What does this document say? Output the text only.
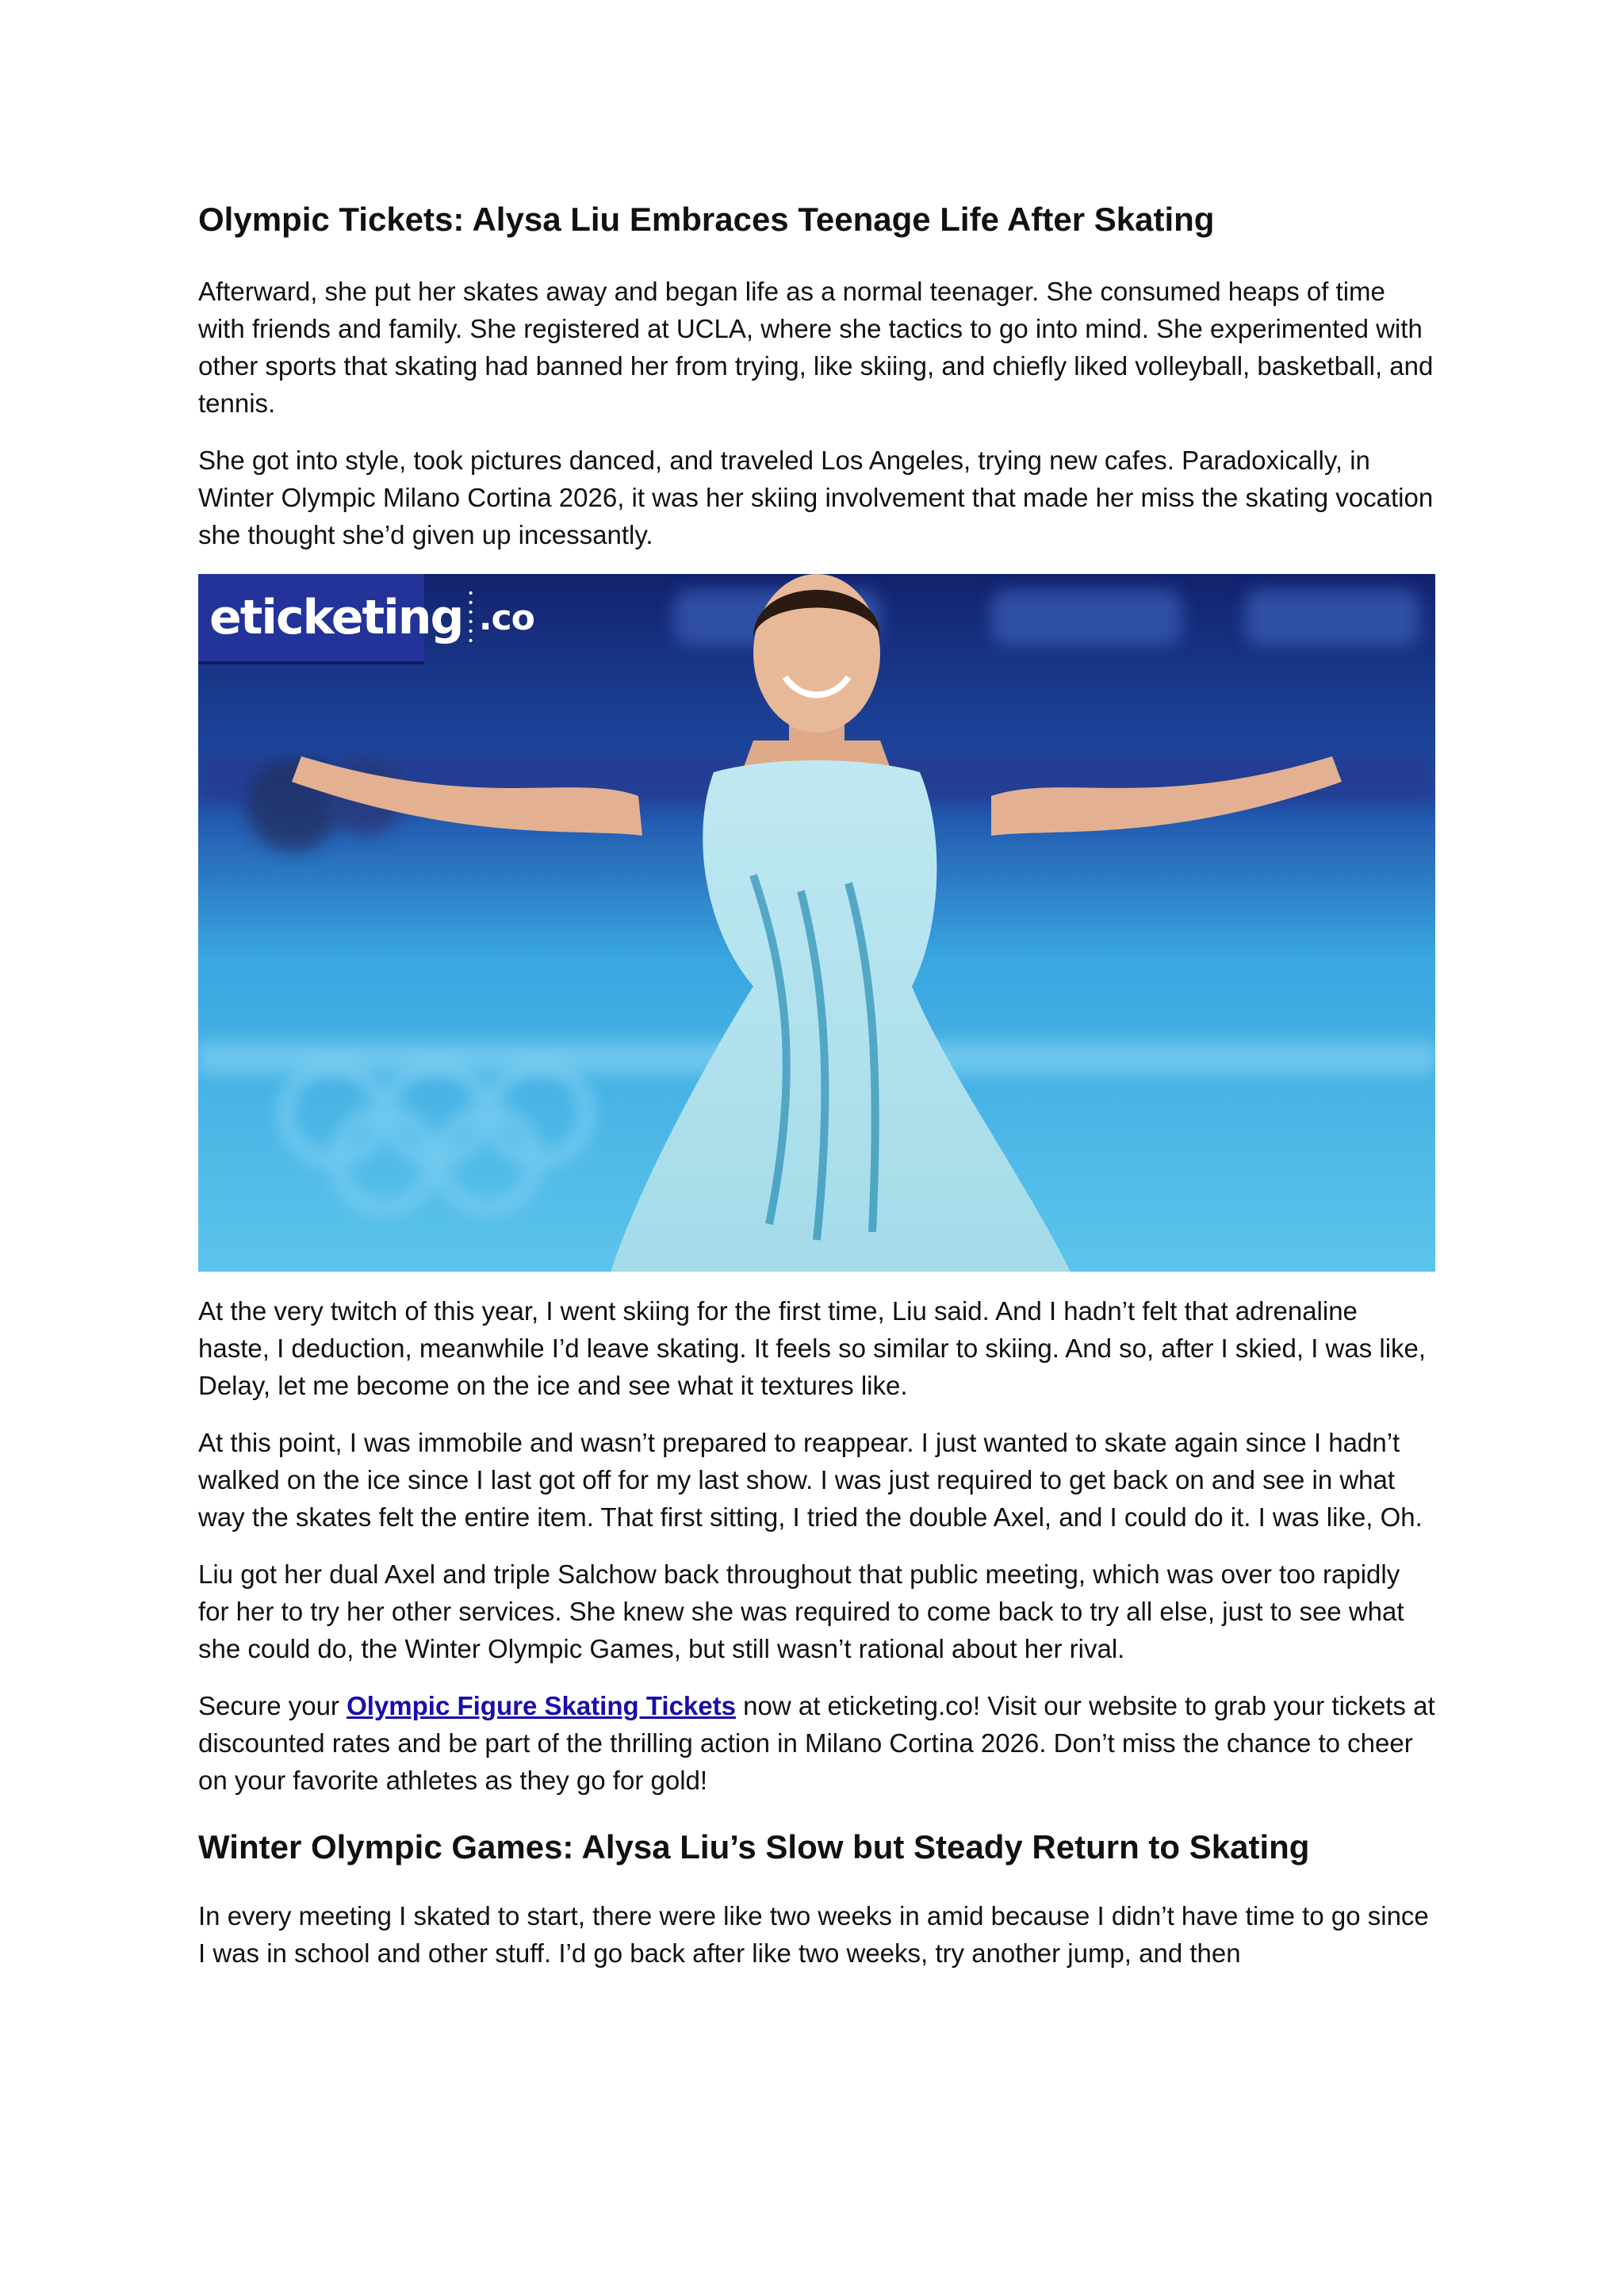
Olympic Tickets: Alysa Liu Embraces Teenage Life After Skating

Afterward, she put her skates away and began life as a normal teenager. She consumed heaps of time with friends and family. She registered at UCLA, where she tactics to go into mind. She experimented with other sports that skating had banned her from trying, like skiing, and chiefly liked volleyball, basketball, and tennis.

She got into style, took pictures danced, and traveled Los Angeles, trying new cafes. Paradoxically, in Winter Olympic Milano Cortina 2026, it was her skiing involvement that made her miss the skating vocation she thought she’d given up incessantly.

eticketing ••••••
.co

At the very twitch of this year, I went skiing for the first time, Liu said. And I hadn’t felt that adrenaline haste, I deduction, meanwhile I’d leave skating. It feels so similar to skiing. And so, after I skied, I was like, Delay, let me become on the ice and see what it textures like.

At this point, I was immobile and wasn’t prepared to reappear. I just wanted to skate again since I hadn’t walked on the ice since I last got off for my last show. I was just required to get back on and see in what way the skates felt the entire item. That first sitting, I tried the double Axel, and I could do it. I was like, Oh.

Liu got her dual Axel and triple Salchow back throughout that public meeting, which was over too rapidly for her to try her other services. She knew she was required to come back to try all else, just to see what she could do, the Winter Olympic Games, but still wasn’t rational about her rival.

Secure your Olympic Figure Skating Tickets now at eticketing.co! Visit our website to grab your tickets at discounted rates and be part of the thrilling action in Milano Cortina 2026. Don’t miss the chance to cheer on your favorite athletes as they go for gold!

Winter Olympic Games: Alysa Liu’s Slow but Steady Return to Skating

In every meeting I skated to start, there were like two weeks in amid because I didn’t have time to go since I was in school and other stuff. I’d go back after like two weeks, try another jump, and then
